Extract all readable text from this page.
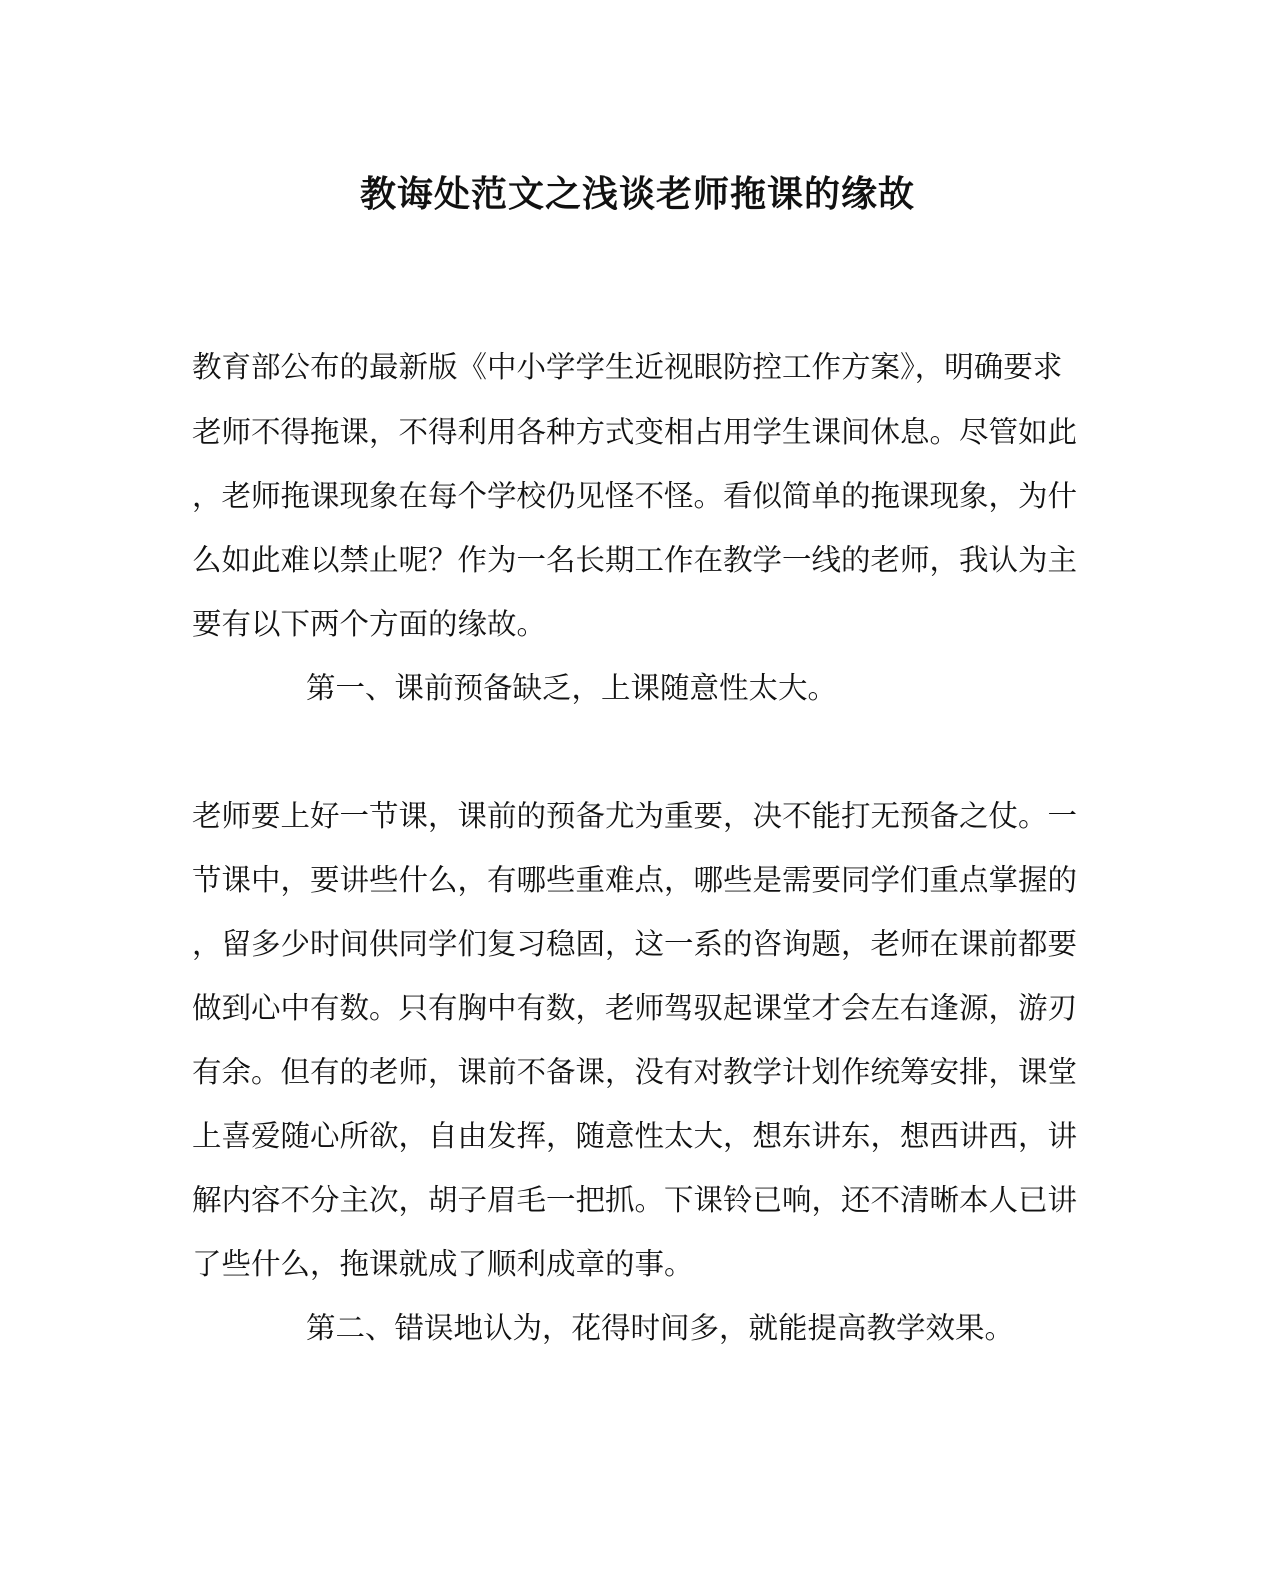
教诲处范文之浅谈老师拖课的缘故
教育部公布的最新版《中小学学生近视眼防控工作方案》，明确要求
老师不得拖课，不得利用各种方式变相占用学生课间休息。尽管如此
，老师拖课现象在每个学校仍见怪不怪。看似简单的拖课现象，为什
么如此难以禁止呢？作为一名长期工作在教学一线的老师，我认为主
要有以下两个方面的缘故。
第一、课前预备缺乏，上课随意性太大。
老师要上好一节课，课前的预备尤为重要，决不能打无预备之仗。一
节课中，要讲些什么，有哪些重难点，哪些是需要同学们重点掌握的
，留多少时间供同学们复习稳固，这一系的咨询题，老师在课前都要
做到心中有数。只有胸中有数，老师驾驭起课堂才会左右逢源，游刃
有余。但有的老师，课前不备课，没有对教学计划作统筹安排，课堂
上喜爱随心所欲，自由发挥，随意性太大，想东讲东，想西讲西，讲
解内容不分主次，胡子眉毛一把抓。下课铃已响，还不清晰本人已讲
了些什么，拖课就成了顺利成章的事。
第二、错误地认为，花得时间多，就能提高教学效果。
